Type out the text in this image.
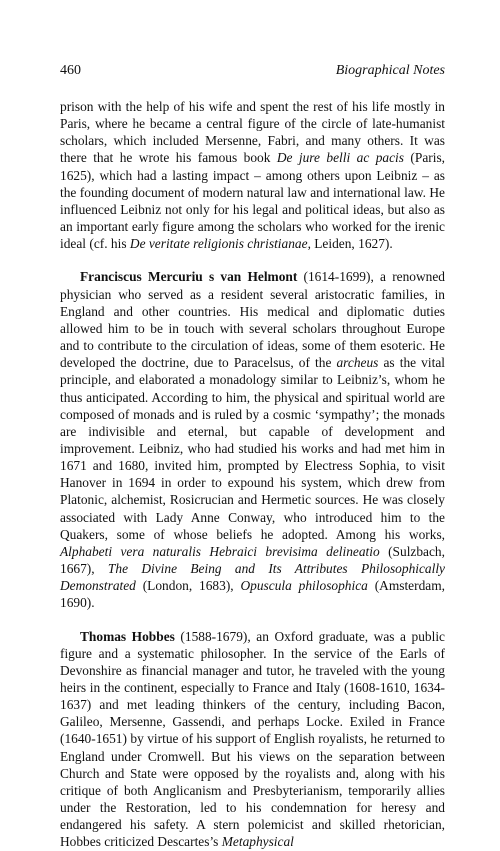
460	Biographical Notes

prison with the help of his wife and spent the rest of his life mostly in Paris, where he became a central figure of the circle of late-humanist scholars, which included Mersenne, Fabri, and many others. It was there that he wrote his famous book De jure belli ac pacis (Paris, 1625), which had a lasting impact – among others upon Leibniz – as the founding document of modern natural law and international law. He influenced Leibniz not only for his legal and political ideas, but also as an important early figure among the scholars who worked for the irenic ideal (cf. his De veritate religionis christianae, Leiden, 1627).

Franciscus Mercuriu s van Helmont (1614-1699), a renowned physician who served as a resident several aristocratic families, in England and other countries. His medical and diplomatic duties allowed him to be in touch with several scholars throughout Europe and to contribute to the circulation of ideas, some of them esoteric. He developed the doctrine, due to Paracelsus, of the archeus as the vital principle, and elaborated a monadology similar to Leibniz’s, whom he thus anticipated. According to him, the physical and spiritual world are composed of monads and is ruled by a cosmic ‘sympathy’; the monads are indivisible and eternal, but capable of development and improvement. Leibniz, who had studied his works and had met him in 1671 and 1680, invited him, prompted by Electress Sophia, to visit Hanover in 1694 in order to expound his system, which drew from Platonic, alchemist, Rosicrucian and Hermetic sources. He was closely associated with Lady Anne Conway, who introduced him to the Quakers, some of whose beliefs he adopted. Among his works, Alphabeti vera naturalis Hebraici brevisima delineatio (Sulzbach, 1667), The Divine Being and Its Attributes Philosophically Demonstrated (London, 1683), Opuscula philosophica (Amsterdam, 1690).

Thomas Hobbes (1588-1679), an Oxford graduate, was a public figure and a systematic philosopher. In the service of the Earls of Devonshire as financial manager and tutor, he traveled with the young heirs in the continent, especially to France and Italy (1608-1610, 1634-1637) and met leading thinkers of the century, including Bacon, Galileo, Mersenne, Gassendi, and perhaps Locke. Exiled in France (1640-1651) by virtue of his support of English royalists, he returned to England under Cromwell. But his views on the separation between Church and State were opposed by the royalists and, along with his critique of both Anglicanism and Presbyterianism, temporarily allies under the Restoration, led to his condemnation for heresy and endangered his safety. A stern polemicist and skilled rhetorician, Hobbes criticized Descartes’s Metaphysical
